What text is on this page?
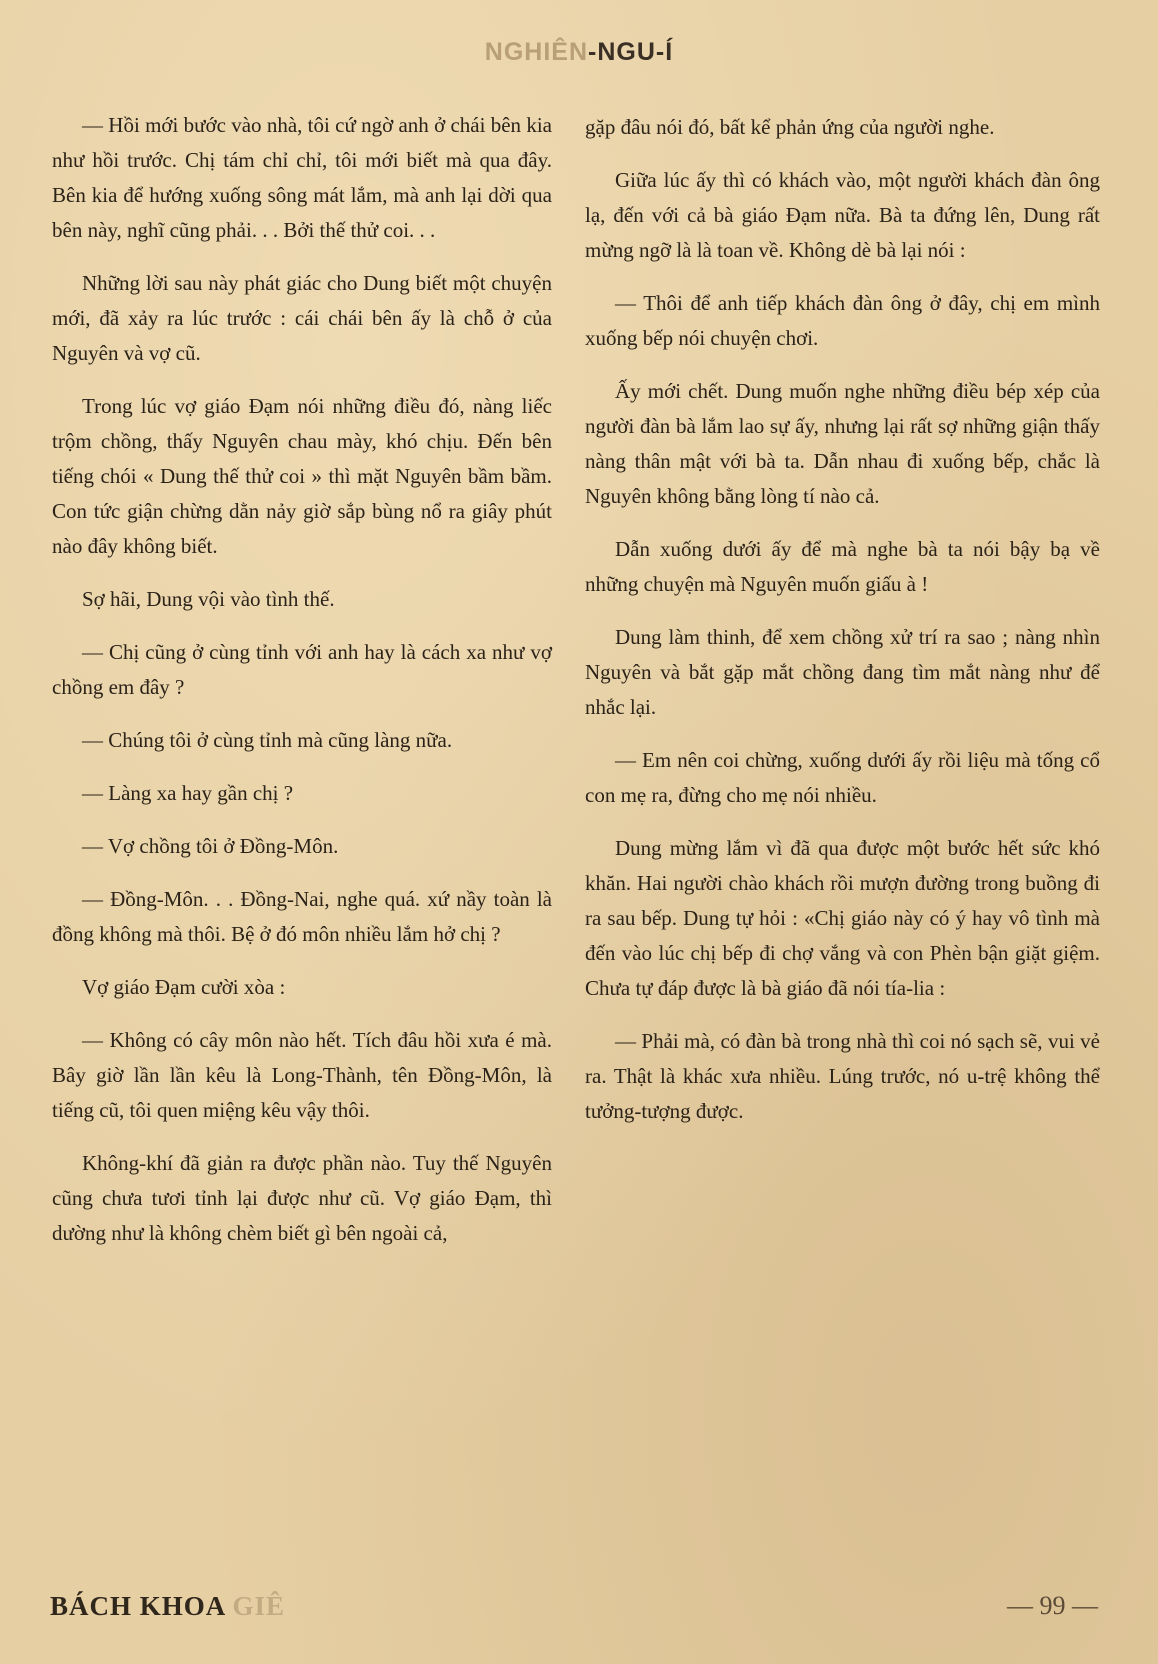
NGHIÊN-NGU-Í

— Hồi mới bước vào nhà, tôi cứ ngờ anh ở chái bên kia như hồi trước. Chị tám chỉ chỉ, tôi mới biết mà qua đây. Bên kia để hướng xuống sông mát lắm, mà anh lại dời qua bên này, nghĩ cũng phải. . . Bởi thế thử coi. . .

Những lời sau này phát giác cho Dung biết một chuyện mới, đã xảy ra lúc trước : cái chái bên ấy là chỗ ở của Nguyên và vợ cũ.

Trong lúc vợ giáo Đạm nói những điều đó, nàng liếc trộm chồng, thấy Nguyên chau mày, khó chịu. Đến bên tiếng chói « Dung thế thử coi » thì mặt Nguyên bầm bầm. Con tức giận chừng dằn nảy giờ sắp bùng nổ ra giây phút nào đây không biết.

Sợ hãi, Dung vội vào tình thế.

— Chị cũng ở cùng tỉnh với anh hay là cách xa như vợ chồng em đây ?

— Chúng tôi ở cùng tỉnh mà cũng làng nữa.

— Làng xa hay gần chị ?

— Vợ chồng tôi ở Đồng-Môn.

— Đồng-Môn. . . Đồng-Nai, nghe quá. xứ nầy toàn là đồng không mà thôi. Bệ ở đó môn nhiều lắm hở chị ?

Vợ giáo Đạm cười xòa :

— Không có cây môn nào hết. Tích đâu hồi xưa é mà. Bây giờ lần lần kêu là Long-Thành, tên Đồng-Môn, là tiếng cũ, tôi quen miệng kêu vậy thôi.

Không-khí đã giản ra được phần nào. Tuy thế Nguyên cũng chưa tươi tỉnh lại được như cũ. Vợ giáo Đạm, thì dường như là không chèm biết gì bên ngoài cả,

gặp đâu nói đó, bất kể phản ứng của người nghe.

Giữa lúc ấy thì có khách vào, một người khách đàn ông lạ, đến với cả bà giáo Đạm nữa. Bà ta đứng lên, Dung rất mừng ngỡ là là toan về. Không dè bà lại nói :

— Thôi để anh tiếp khách đàn ông ở đây, chị em mình xuống bếp nói chuyện chơi.

Ấy mới chết. Dung muốn nghe những điều bép xép của người đàn bà lắm lao sự ấy, nhưng lại rất sợ những giận thấy nàng thân mật với bà ta. Dẫn nhau đi xuống bếp, chắc là Nguyên không bằng lòng tí nào cả.

Dẫn xuống dưới ấy để mà nghe bà ta nói bậy bạ về những chuyện mà Nguyên muốn giấu à !

Dung làm thinh, để xem chồng xử trí ra sao ; nàng nhìn Nguyên và bắt gặp mắt chồng đang tìm mắt nàng như để nhắc lại.

— Em nên coi chừng, xuống dưới ấy rồi liệu mà tống cổ con mẹ ra, đừng cho mẹ nói nhiều.

Dung mừng lắm vì đã qua được một bước hết sức khó khăn. Hai người chào khách rồi mượn đường trong buồng đi ra sau bếp. Dung tự hỏi : «Chị giáo này có ý hay vô tình mà đến vào lúc chị bếp đi chợ vắng và con Phèn bận giặt giệm. Chưa tự đáp được là bà giáo đã nói tía-lia :

— Phải mà, có đàn bà trong nhà thì coi nó sạch sẽ, vui vẻ ra. Thật là khác xưa nhiều. Lúng trước, nó u-trệ không thể tưởng-tượng được.

BÁCH KHOA GIÊ	— 99 —
